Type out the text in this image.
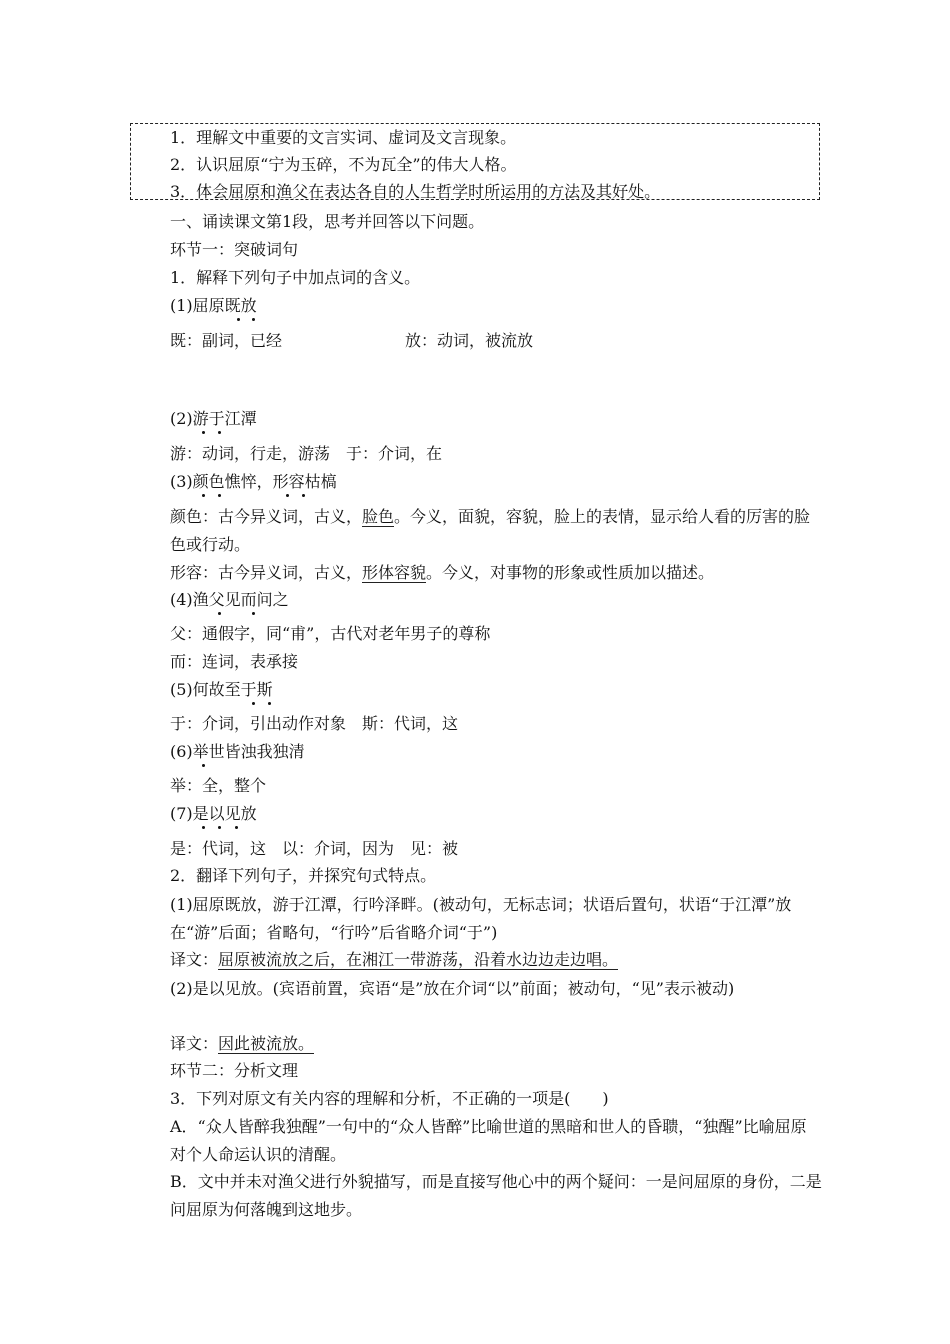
1．理解文中重要的文言实词、虚词及文言现象。
2．认识屈原“宁为玉碎，不为瓦全”的伟大人格。
3．体会屈原和渔父在表达各自的人生哲学时所运用的方法及其好处。
一、诵读课文第1段，思考并回答以下问题。
环节一：突破词句
1．解释下列句子中加点词的含义。
(1)屈原既放
既：副词，已经	放：动词，被流放
(2)游于江潭
游：动词，行走，游荡　于：介词，在
(3)颜色憔悴，形容枯槁
颜色：古今异义词，古义，脸色。今义，面貌，容貌，脸上的表情，显示给人看的厉害的脸色或行动。
形容：古今异义词，古义，形体容貌。今义，对事物的形象或性质加以描述。
(4)渔父见而问之
父：通假字，同“甫”，古代对老年男子的尊称
而：连词，表承接
(5)何故至于斯
于：介词，引出动作对象　斯：代词，这
(6)举世皆浊我独清
举：全，整个
(7)是以见放
是：代词，这　以：介词，因为　见：被
2．翻译下列句子，并探究句式特点。
(1)屈原既放，游于江潭，行吟泽畔。(被动句，无标志词；状语后置句，状语“于江潭”放在“游”后面；省略句，“行吟”后省略介词“于”)
译文：屈原被流放之后，在湘江一带游荡，沿着水边边走边唱。
(2)是以见放。(宾语前置，宾语“是”放在介词“以”前面；被动句，“见”表示被动)
译文：因此被流放。
环节二：分析文理
3．下列对原文有关内容的理解和分析，不正确的一项是(　　)
A．“众人皆醉我独醒”一句中的“众人皆醉”比喻世道的黑暗和世人的昏聩，“独醒”比喻屈原对个人命运认识的清醒。
B．文中并未对渔父进行外貌描写，而是直接写他心中的两个疑问：一是问屈原的身份，二是问屈原为何落魄到这地步。
